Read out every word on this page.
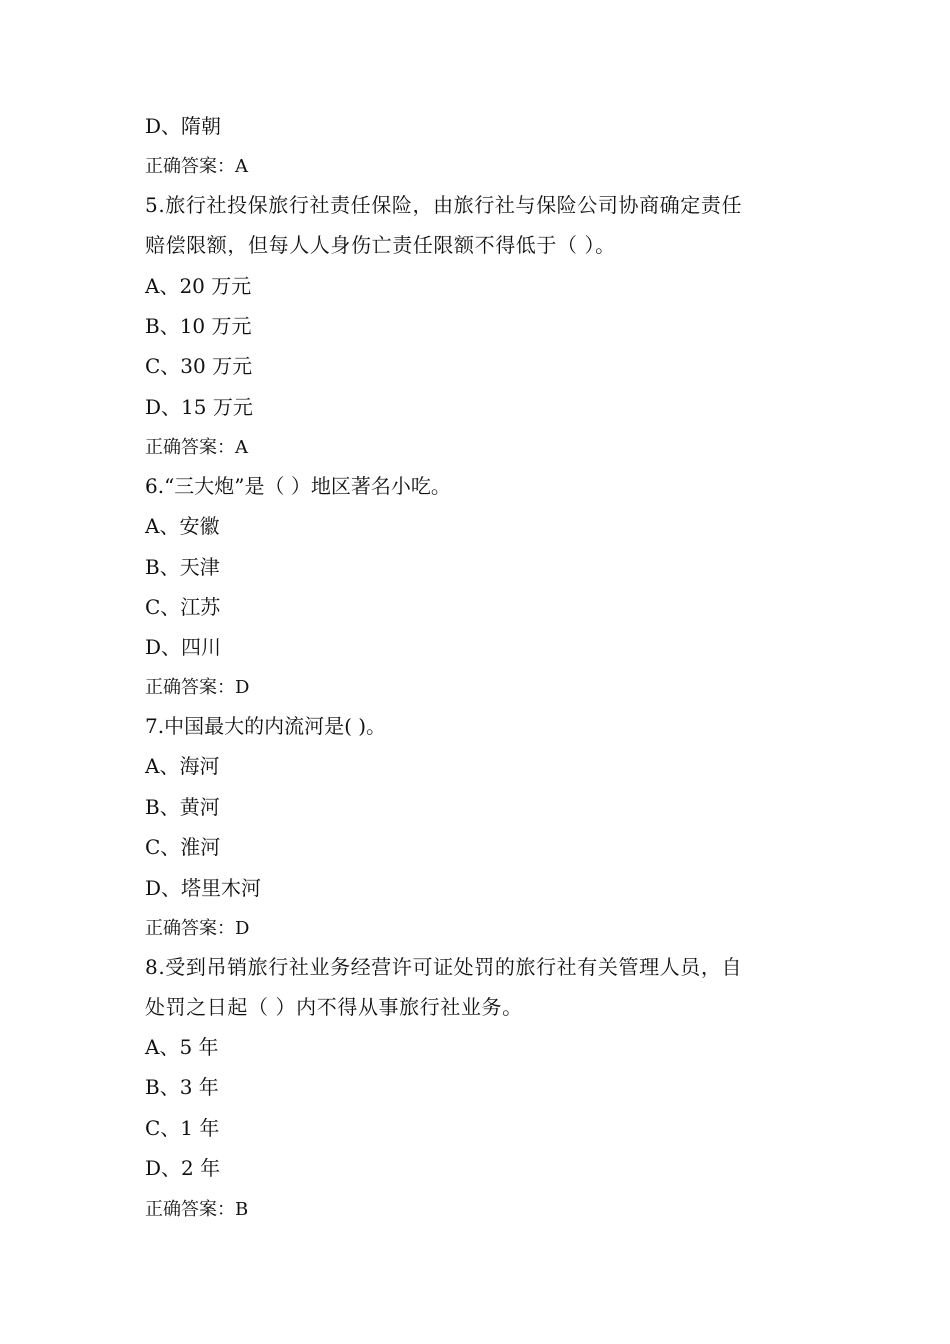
D、隋朝
正确答案：A
5.旅行社投保旅行社责任保险，由旅行社与保险公司协商确定责任
赔偿限额，但每人人身伤亡责任限额不得低于（ ）。
A、20 万元
B、10 万元
C、30 万元
D、15 万元
正确答案：A
6.“三大炮”是（ ）地区著名小吃。
A、安徽
B、天津
C、江苏
D、四川
正确答案：D
7.中国最大的内流河是( )。
A、海河
B、黄河
C、淮河
D、塔里木河
正确答案：D
8.受到吊销旅行社业务经营许可证处罚的旅行社有关管理人员，自
处罚之日起（ ）内不得从事旅行社业务。
A、5 年
B、3 年
C、1 年
D、2 年
正确答案：B
